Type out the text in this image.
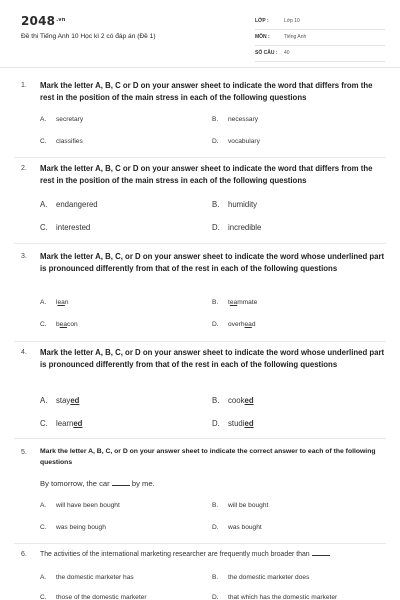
$2048^{.vn}$
Đề thi Tiếng Anh 10 Học kì 2 có đáp án (Đề 1)
LỚP :	Lớp 10
MÔN :	Tiếng Anh
SỐ CÂU : 40
1. Mark the letter A, B, C or D on your answer sheet to indicate the word that differs from the rest in the position of the main stress in each of the following questions
A. secretary	B. necessary
C. classifies	D. vocabulary
2. Mark the letter A, B, C or D on your answer sheet to indicate the word that differs from the rest in the position of the main stress in each of the following questions
A. endangered	B. humidity
C. interested	D. incredible
3. Mark the letter A, B, C, or D on your answer sheet to indicate the word whose underlined part is pronounced differently from that of the rest in each of the following questions
A. lean	B. teammate
C. beacon	D. overhead
4. Mark the letter A, B, C, or D on your answer sheet to indicate the word whose underlined part is pronounced differently from that of the rest in each of the following questions
A. stayed	B. cooked
C. learned	D. studied
5. Mark the letter A, B, C, or D on your answer sheet to indicate the correct answer to each of the following questions
By tomorrow, the car	by me.
A. will have been bought	B. will be bought
C. was being bough	D. was bought
6. The activities of the international marketing researcher are frequently much broader than
A. the domestic marketer has	B. the domestic marketer does
C. those of the domestic marketer	D. that which has the domestic marketer
